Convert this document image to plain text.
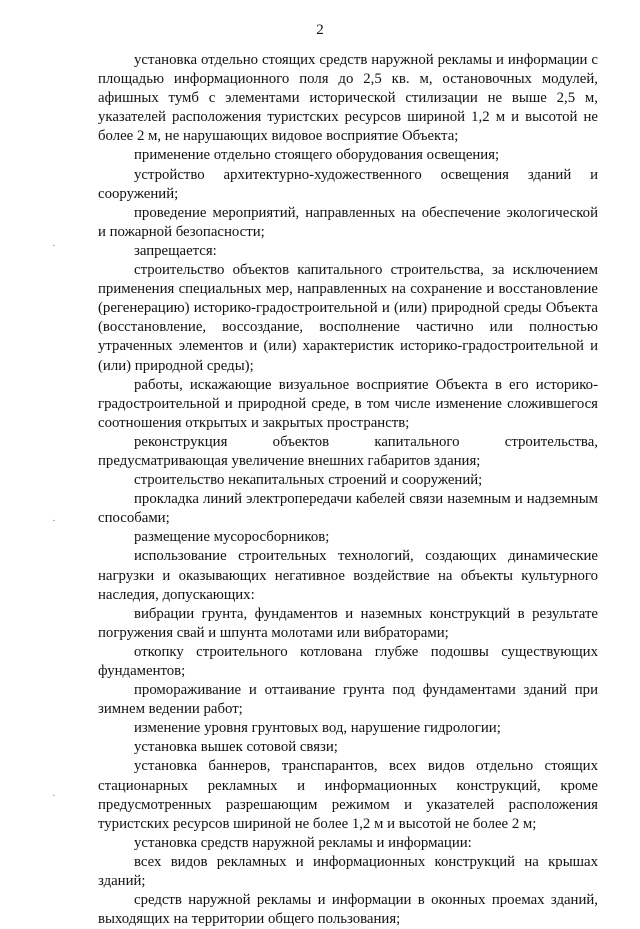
2
·
·
·

установка отдельно стоящих средств наружной рекламы и информации с площадью информационного поля до 2,5 кв. м, остановочных модулей, афишных тумб с элементами исторической стилизации не выше 2,5 м, указателей расположения туристских ресурсов шириной 1,2 м и высотой не более 2 м, не нарушающих видовое восприятие Объекта;

применение отдельно стоящего оборудования освещения;

устройство архитектурно-художественного освещения зданий и сооружений;

проведение мероприятий, направленных на обеспечение экологической и пожарной безопасности;

запрещается:

строительство объектов капитального строительства, за исключением применения специальных мер, направленных на сохранение и восстановление (регенерацию) историко-градостроительной и (или) природной среды Объекта (восстановление, воссоздание, восполнение частично или полностью утраченных элементов и (или) характеристик историко-градостроительной и (или) природной среды);

работы, искажающие визуальное восприятие Объекта в его историко-градостроительной и природной среде, в том числе изменение сложившегося соотношения открытых и закрытых пространств;

реконструкция объектов капитального строительства, предусматривающая увеличение внешних габаритов здания;

строительство некапитальных строений и сооружений;

прокладка линий электропередачи кабелей связи наземным и надземным способами;

размещение мусоросборников;

использование строительных технологий, создающих динамические нагрузки и оказывающих негативное воздействие на объекты культурного наследия, допускающих:

вибрации грунта, фундаментов и наземных конструкций в результате погружения свай и шпунта молотами или вибраторами;

откопку строительного котлована глубже подошвы существующих фундаментов;

промораживание и оттаивание грунта под фундаментами зданий при зимнем ведении работ;

изменение уровня грунтовых вод, нарушение гидрологии;

установка вышек сотовой связи;

установка баннеров, транспарантов, всех видов отдельно стоящих стационарных рекламных и информационных конструкций, кроме предусмотренных разрешающим режимом и указателей расположения туристских ресурсов шириной не более 1,2 м и высотой не более 2 м;

установка средств наружной рекламы и информации:

всех видов рекламных и информационных конструкций на крышах зданий;

средств наружной рекламы и информации в оконных проемах зданий, выходящих на территории общего пользования;
